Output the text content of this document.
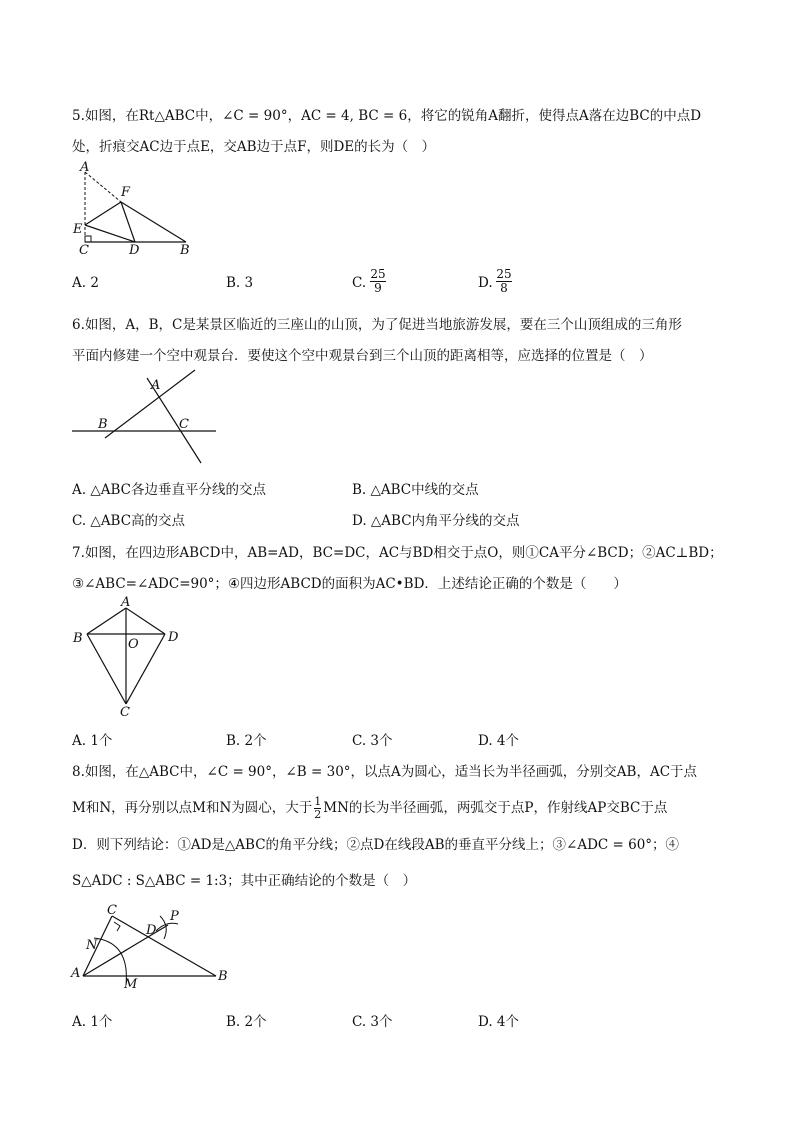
5.如图，在Rt△ABC中，∠C = 90°，AC = 4, BC = 6，将它的锐角A翻折，使得点A落在边BC的中点D
处，折痕交AC边于点E，交AB边于点F，则DE的长为（　）
A
F
E
C	D	B
A. 2	B. 3	C. $\frac{25}{9}$	D. $\frac{25}{8}$
6.如图，A，B，C是某景区临近的三座山的山顶，为了促进当地旅游发展，要在三个山顶组成的三角形
平面内修建一个空中观景台．要使这个空中观景台到三个山顶的距离相等，应选择的位置是（　）
A
B	C
A. △ABC各边垂直平分线的交点	B. △ABC中线的交点
C. △ABC高的交点	D. △ABC内角平分线的交点
7.如图，在四边形ABCD中，AB=AD，BC=DC，AC与BD相交于点O，则①CA平分∠BCD；②AC⊥BD；
③∠ABC=∠ADC=90°；④四边形ABCD的面积为AC•BD．上述结论正确的个数是（　　）
A
B	D
O
C
A. 1个	B. 2个	C. 3个	D. 4个
8.如图，在△ABC中，∠C = 90°，∠B = 30°，以点A为圆心，适当长为半径画弧，分别交AB，AC于点
M和N，再分别以点M和N为圆心，大于 $\frac{1}{2}$ MN的长为半径画弧，两弧交于点P，作射线AP交BC于点
D．则下列结论：①AD是△ABC的角平分线；②点D在线段AB的垂直平分线上；③∠ADC = 60°；④
S△ADC : S△ABC = 1:3；其中正确结论的个数是（　）
C
D
P
N
A
M
B
A. 1个	B. 2个	C. 3个	D. 4个
